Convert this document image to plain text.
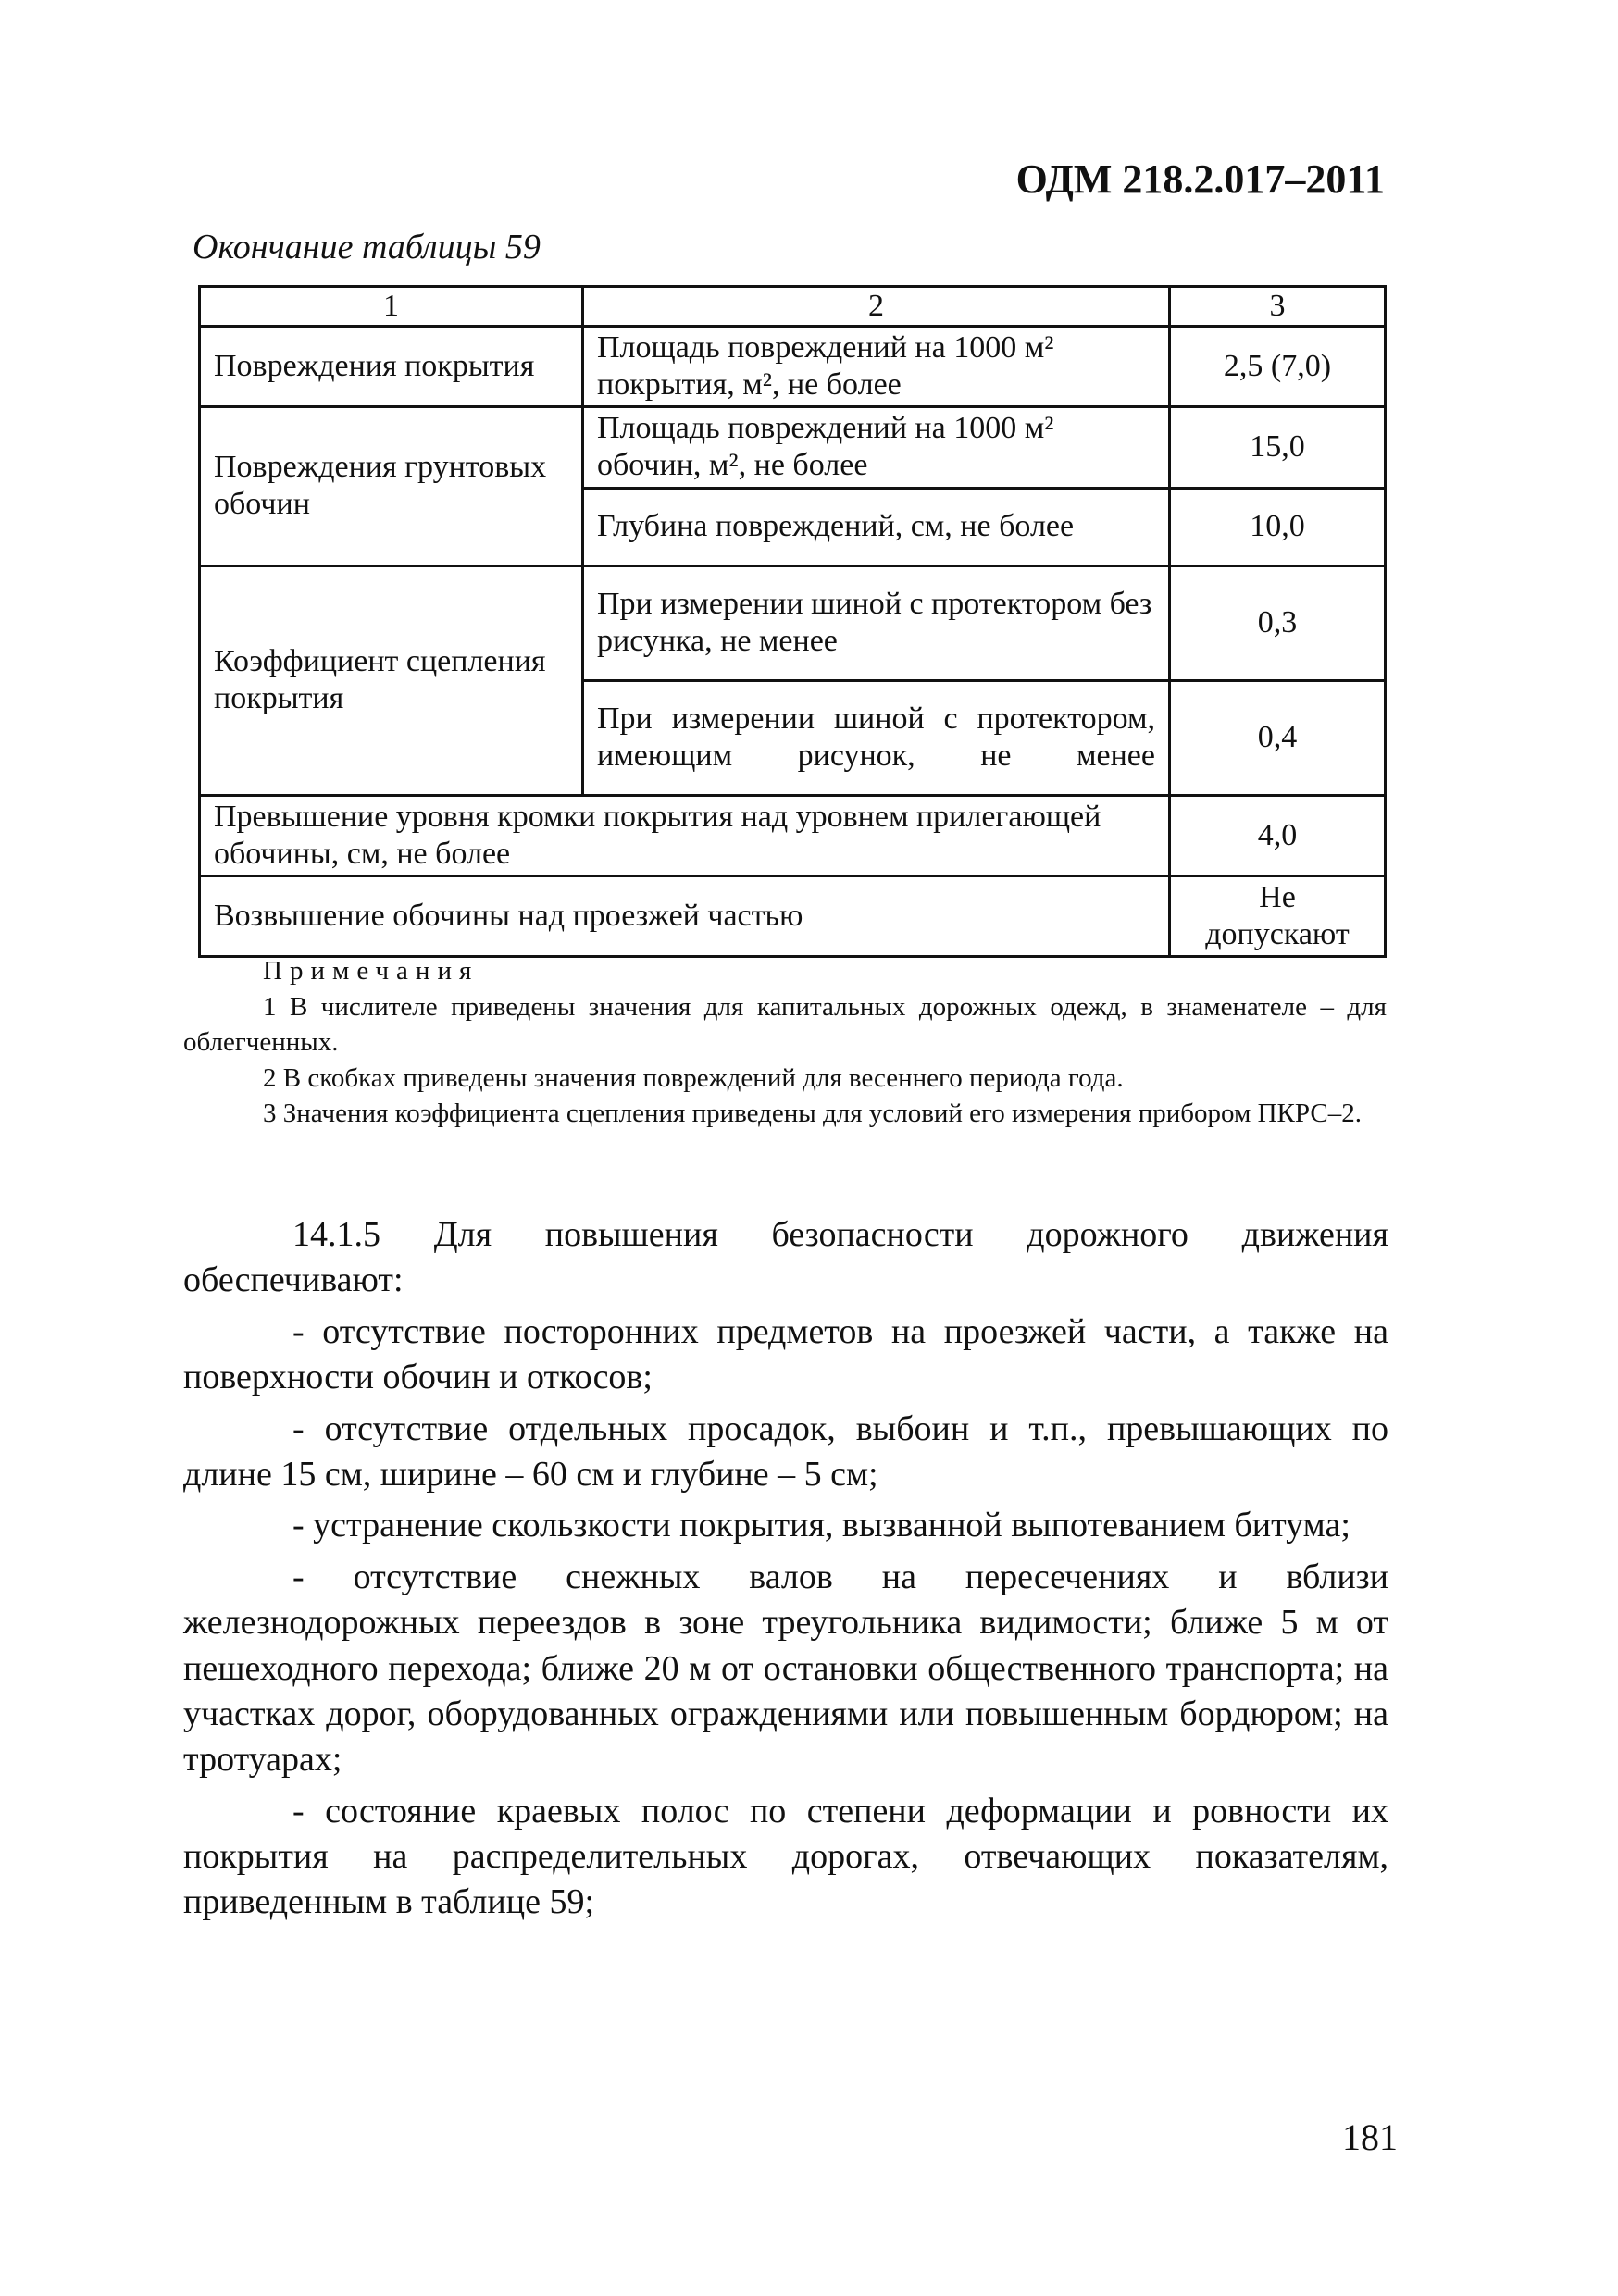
ОДМ 218.2.017–2011
Окончание таблицы 59
1	2	3
Повреждения покрытия	Площадь повреждений на 1000 м² покрытия, м², не более	2,5 (7,0)
Повреждения грунтовых обочин	Площадь повреждений на 1000 м² обочин, м², не более	15,0
	Глубина повреждений, см, не более	10,0
Коэффициент сцепления покрытия	При измерении шиной с протектором без рисунка, не менее	0,3
	При измерении шиной с протектором, имеющим рисунок, не менее	0,4
Превышение уровня кромки покрытия над уровнем прилегающей обочины, см, не более		4,0
Возвышение обочины над проезжей частью		Не допускают
Примечания
1 В числителе приведены значения для капитальных дорожных одежд, в знаменателе – для облегченных.
2 В скобках приведены значения повреждений для весеннего периода года.
3 Значения коэффициента сцепления приведены для условий его измерения прибором ПКРС–2.

14.1.5 Для повышения безопасности дорожного движения обеспечивают:

- отсутствие посторонних предметов на проезжей части, а также на поверхности обочин и откосов;

- отсутствие отдельных просадок, выбоин и т.п., превышающих по длине 15 см, ширине – 60 см и глубине – 5 см;

- устранение скользкости покрытия, вызванной выпотеванием битума;

- отсутствие снежных валов на пересечениях и вблизи железнодорожных переездов в зоне треугольника видимости; ближе 5 м от пешеходного перехода; ближе 20 м от остановки общественного транспорта; на участках дорог, оборудованных ограждениями или повышенным бордюром; на тротуарах;

- состояние краевых полос по степени деформации и ровности их покрытия на распределительных дорогах, отвечающих показателям, приведенным в таблице 59;

181
